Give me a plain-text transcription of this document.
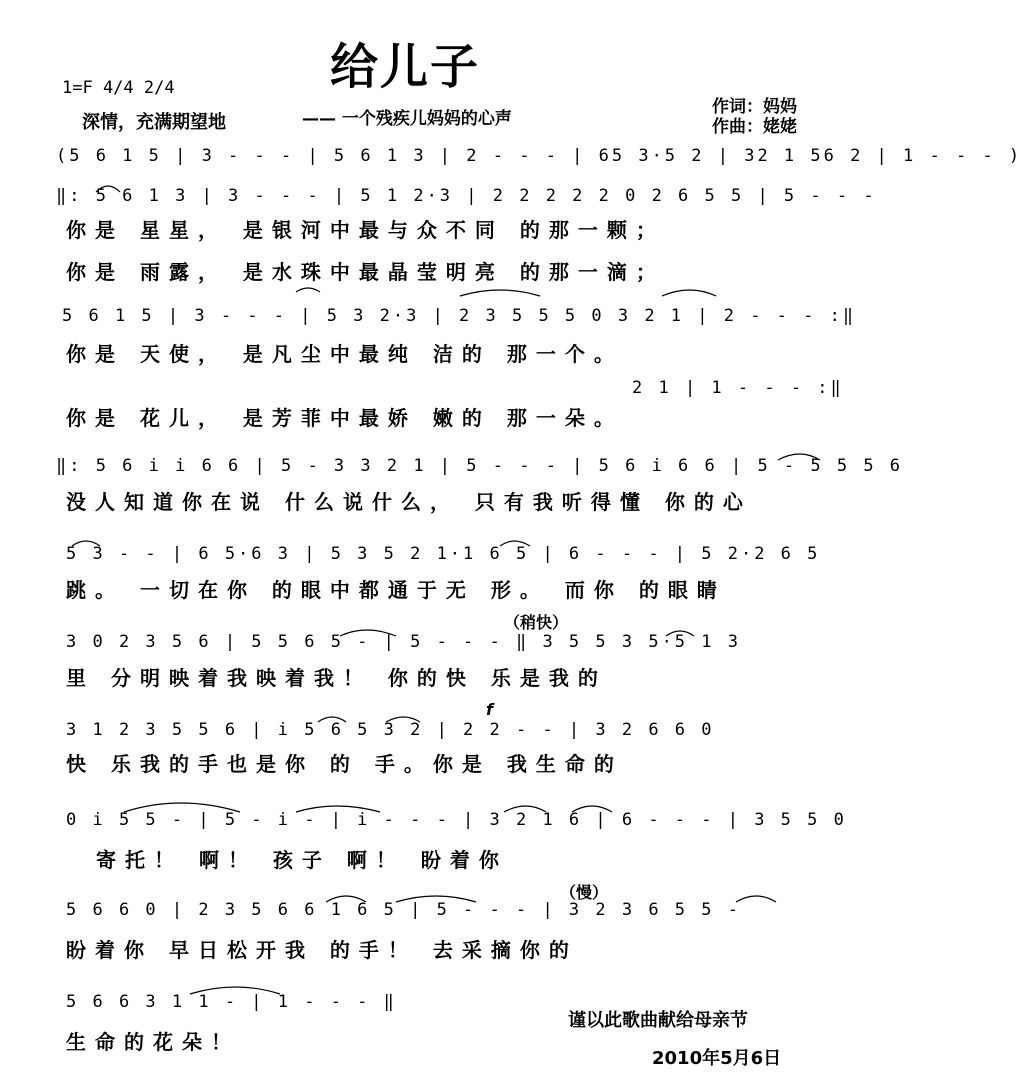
给儿子
1=F 4/4 2/4
深情，充满期望地	—— 一个残疾儿妈妈的心声
作词：妈妈
作曲：姥姥
(5 6 1 5 | 3 - - - | 5 6 1 3 | 2 - - - | 65 3·5 2 | 32 1 56 2 | 1 - - - )
‖: 5 6 1 3 | 3 - - - | 5 1 2·3 | 2 2 2 2 2 0 2 6 5 5 | 5 - - -
你是 星星， 是银河中最与众不同 的那一颗；
你是 雨露， 是水珠中最晶莹明亮 的那一滴；
5 6 1 5 | 3 - - - | 5 3 2·3 | 2 3 5 5 5 0 3 2 1 | 2 - - - :‖
你是 天使， 是凡尘中最纯 洁的 那一个。
2 1 | 1 - - - :‖
你是 花儿， 是芳菲中最娇 嫩的 那一朵。
‖: 5 6 i i 6 6 | 5 - 3 3 2 1 | 5 - - - | 5 6 i 6 6 | 5 - 5 5 5 6
没人知道你在说 什么说什么， 只有我听得懂 你的心
5 3 - - | 6 5·6 3 | 5 3 5 2 1·1 6 5 | 6 - - - | 5 2·2 6 5
跳。 一切在你 的眼中都通于无 形。 而你 的眼睛
（稍快）
3 0 2 3 5 6 | 5 5 6 5 - | 5 - - - ‖ 3 5 5 3 5·5 1 3
里 分明映着我映着我！ 你的快 乐是我的
f
3 1 2 3 5 5 6 | i 5 6 5 3 2 | 2 2 - - | 3 2 6 6 0
快 乐我的手也是你 的 手。你是 我生命的
0 i 5 5 - | 5 - i - | i - - - | 3 2 1 6 | 6 - - - | 3 5 5 0
寄托！ 啊！ 孩子 啊！ 盼着你
（慢）
5 6 6 0 | 2 3 5 6 6 1 6 5 | 5 - - - | 3 2 3 6 5 5 -
盼着你 早日松开我 的手！ 去采摘你的
5 6 6 3 1 1 - | 1 - - - ‖
生命的花朵！
谨以此歌曲献给母亲节
2010年5月6日
